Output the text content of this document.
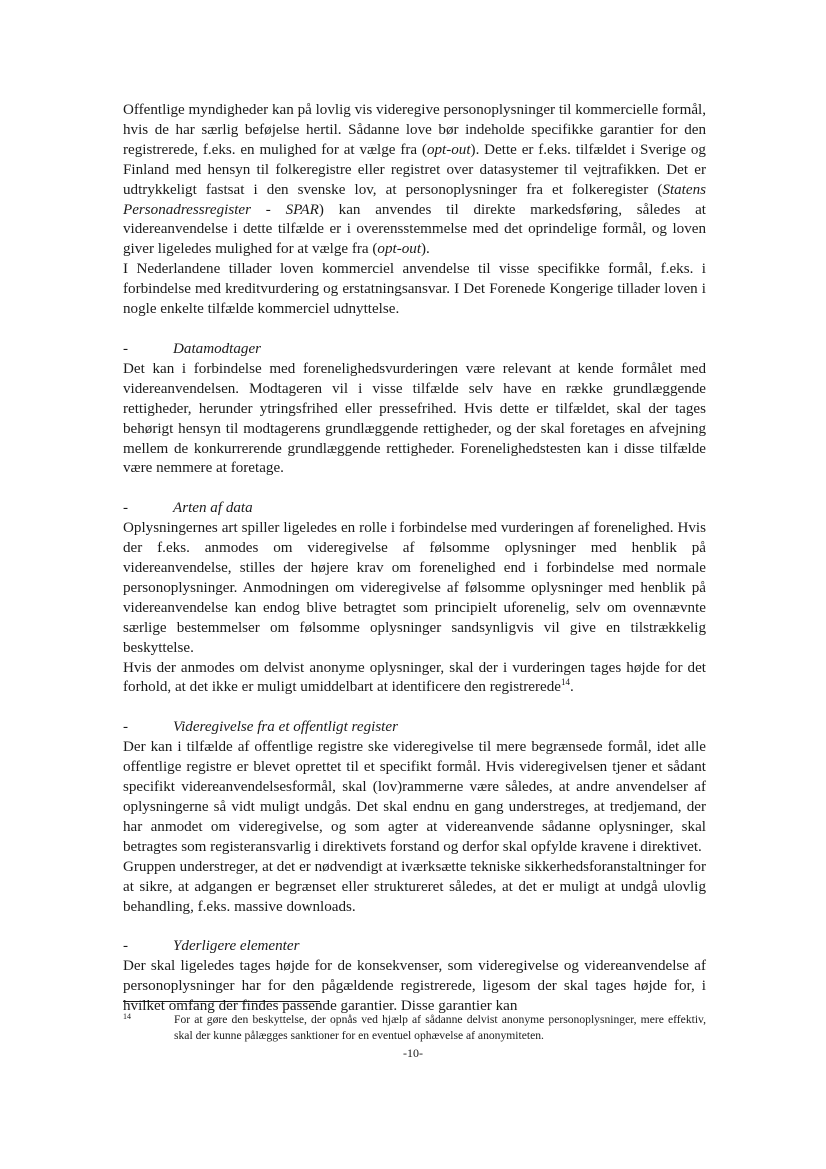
Offentlige myndigheder kan på lovlig vis videregive personoplysninger til kommercielle formål, hvis de har særlig beføjelse hertil. Sådanne love bør indeholde specifikke garantier for den registrerede, f.eks. en mulighed for at vælge fra (opt-out). Dette er f.eks. tilfældet i Sverige og Finland med hensyn til folkeregistre eller registret over datasystemer til vejtrafikken. Det er udtrykkeligt fastsat i den svenske lov, at personoplysninger fra et folkeregister (Statens Personadressregister - SPAR) kan anvendes til direkte markedsføring, således at videreanvendelse i dette tilfælde er i overensstemmelse med det oprindelige formål, og loven giver ligeledes mulighed for at vælge fra (opt-out).

I Nederlandene tillader loven kommerciel anvendelse til visse specifikke formål, f.eks. i forbindelse med kreditvurdering og erstatningsansvar. I Det Forenede Kongerige tillader loven i nogle enkelte tilfælde kommerciel udnyttelse.

-	Datamodtager

Det kan i forbindelse med forenelighedsvurderingen være relevant at kende formålet med videreanvendelsen. Modtageren vil i visse tilfælde selv have en række grundlæggende rettigheder, herunder ytringsfrihed eller pressefrihed. Hvis dette er tilfældet, skal der tages behørigt hensyn til modtagerens grundlæggende rettigheder, og der skal foretages en afvejning mellem de konkurrerende grundlæggende rettigheder. Forenelighedstesten kan i disse tilfælde være nemmere at foretage.

-	Arten af data

Oplysningernes art spiller ligeledes en rolle i forbindelse med vurderingen af forenelighed. Hvis der f.eks. anmodes om videregivelse af følsomme oplysninger med henblik på videreanvendelse, stilles der højere krav om forenelighed end i forbindelse med normale personoplysninger. Anmodningen om videregivelse af følsomme oplysninger med henblik på videreanvendelse kan endog blive betragtet som principielt uforenelig, selv om ovennævnte særlige bestemmelser om følsomme oplysninger sandsynligvis vil give en tilstrækkelig beskyttelse.

Hvis der anmodes om delvist anonyme oplysninger, skal der i vurderingen tages højde for det forhold, at det ikke er muligt umiddelbart at identificere den registrerede$^{14}$.

-	Videregivelse fra et offentligt register

Der kan i tilfælde af offentlige registre ske videregivelse til mere begrænsede formål, idet alle offentlige registre er blevet oprettet til et specifikt formål. Hvis videregivelsen tjener et sådant specifikt videreanvendelsesformål, skal (lov)rammerne være således, at andre anvendelser af oplysningerne så vidt muligt undgås. Det skal endnu en gang understreges, at tredjemand, der har anmodet om videregivelse, og som agter at videreanvende sådanne oplysninger, skal betragtes som registeransvarlig i direktivets forstand og derfor skal opfylde kravene i direktivet.

Gruppen understreger, at det er nødvendigt at iværksætte tekniske sikkerhedsforanstaltninger for at sikre, at adgangen er begrænset eller struktureret således, at det er muligt at undgå ulovlig behandling, f.eks. massive downloads.

-	Yderligere elementer

Der skal ligeledes tages højde for de konsekvenser, som videregivelse og videreanvendelse af personoplysninger har for den pågældende registrerede, ligesom der skal tages højde for, i hvilket omfang der findes passende garantier. Disse garantier kan

14	For at gøre den beskyttelse, der opnås ved hjælp af sådanne delvist anonyme personoplysninger, mere effektiv, skal der kunne pålægges sanktioner for en eventuel ophævelse af anonymiteten.
-10-
